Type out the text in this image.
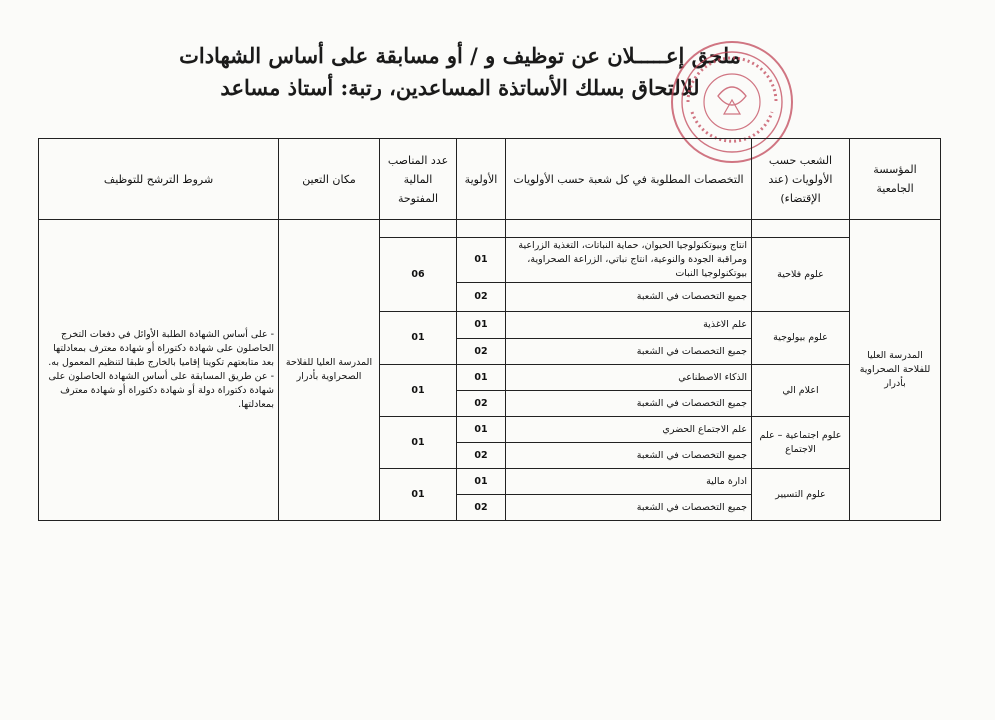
ملحق إعـــــلان عن توظيف و / أو مسابقة على أساس الشهادات
للالتحاق بسلك الأساتذة المساعدين، رتبة: أستاذ مساعد
المؤسسة الجامعية	الشعب حسب الأولويات (عند الإقتضاء)	التخصصات المطلوبة في كل شعبة حسب الأولويات	الأولوية	عدد المناصب المالية المفتوحة	مكان التعين	شروط الترشح للتوظيف
المدرسة العليا للفلاحة الصحراوية بأدرار					المدرسة العليا للفلاحة الصحراوية بأدرار	- على أساس الشهادة الطلبة الأوائل في دفعات التخرج الحاصلون على شهادة دكتوراة أو شهادة معترف بمعادلتها بعد متابعتهم تكوينا إقاميا بالخارج طبقا لتنظيم المعمول به.
- عن طريق المسابقة على أساس الشهادة الحاصلون على شهادة دكتوراة دولة أو شهادة دكتوراة أو شهادة معترف بمعادلتها.

	علوم فلاحية	انتاج وبيوتكنولوجيا الحيوان، حماية النباتات، التغذية الزراعية ومراقبة الجودة والنوعية، انتاج نباتي، الزراعة الصحراوية، بيوتكنولوجيا النبات	01	06		
		جميع التخصصات في الشعبة	02			
	علوم بيولوجية	علم الاغذية	01	01		
		جميع التخصصات في الشعبة	02			
	اعلام الي	الذكاء الاصطناعي	01	01		
		جميع التخصصات في الشعبة	02			
	علوم اجتماعية – علم الاجتماع	علم الاجتماع الحضري	01	01		
		جميع التخصصات في الشعبة	02			
	علوم التسيير	ادارة مالية	01	01		
		جميع التخصصات في الشعبة	02			
